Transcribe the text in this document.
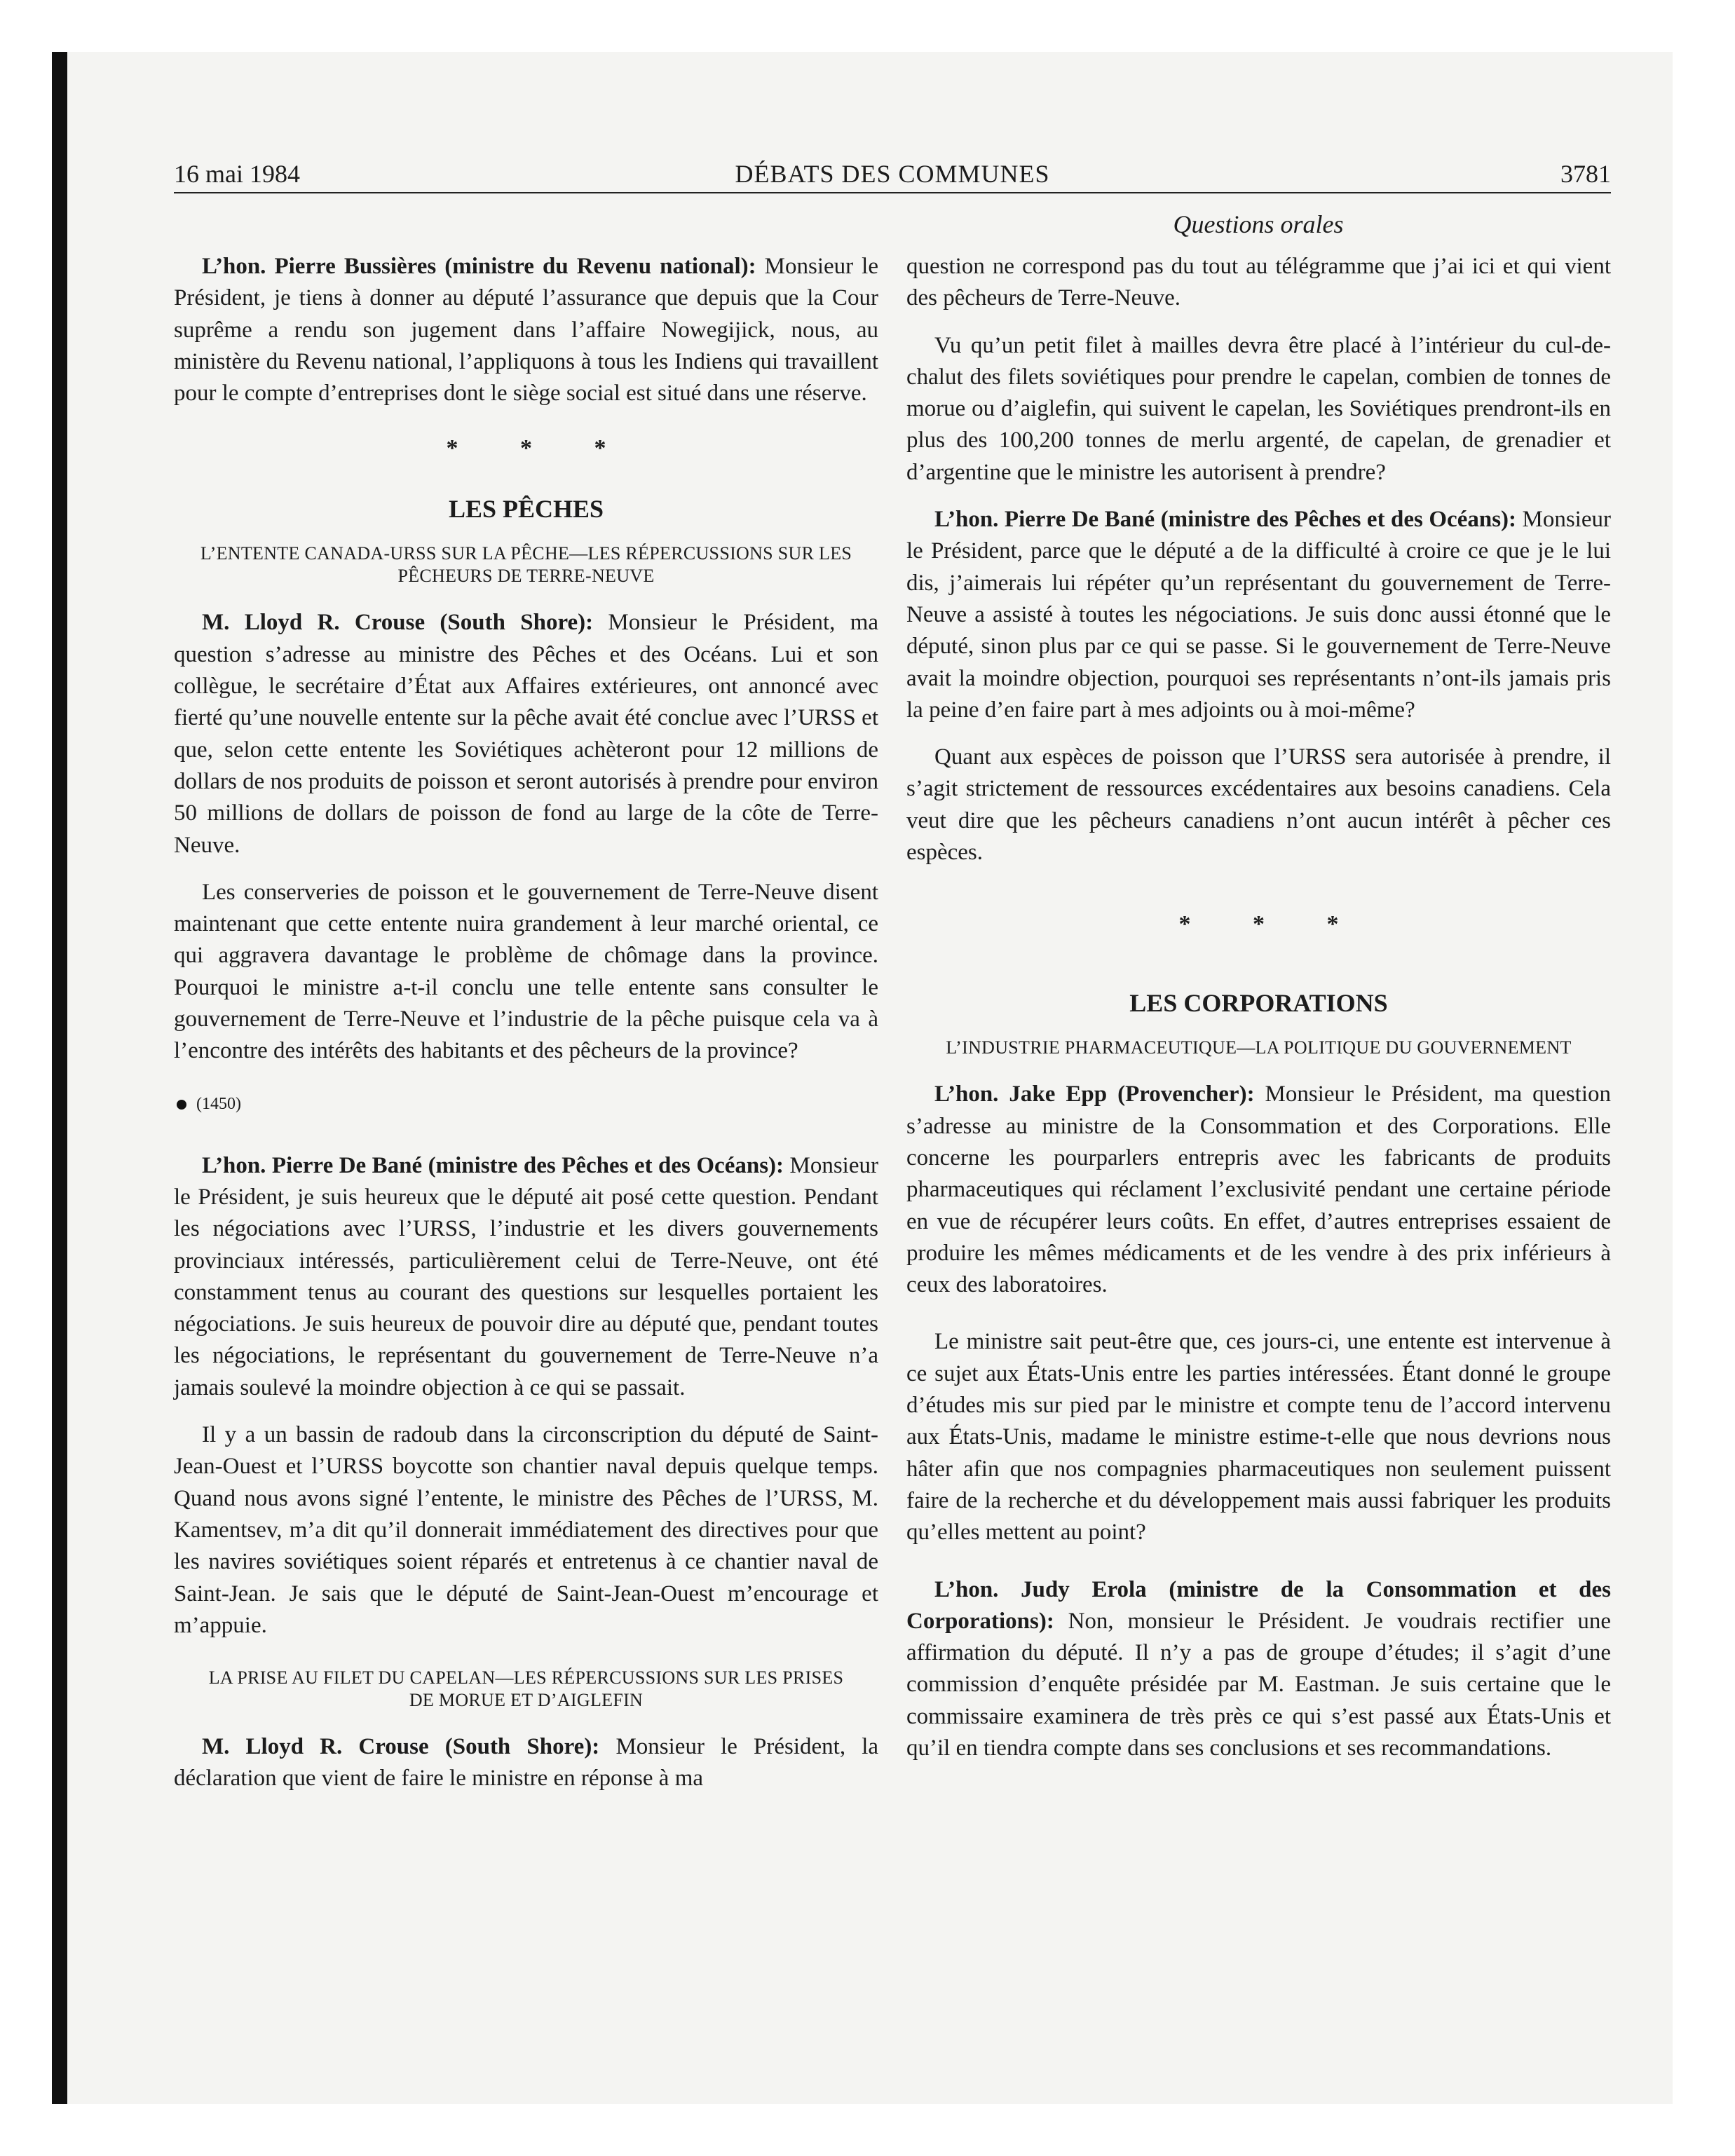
16 mai 1984	DÉBATS DES COMMUNES	3781
Questions orales

L’hon. Pierre Bussières (ministre du Revenu national): Monsieur le Président, je tiens à donner au député l’assurance que depuis que la Cour suprême a rendu son jugement dans l’affaire Nowegijick, nous, au ministère du Revenu national, l’appliquons à tous les Indiens qui travaillent pour le compte d’entreprises dont le siège social est situé dans une réserve.

* * *
LES PÊCHES
L’ENTENTE CANADA-URSS SUR LA PÊCHE—LES RÉPERCUSSIONS SUR LES PÊCHEURS DE TERRE-NEUVE

M. Lloyd R. Crouse (South Shore): Monsieur le Président, ma question s’adresse au ministre des Pêches et des Océans. Lui et son collègue, le secrétaire d’État aux Affaires extérieures, ont annoncé avec fierté qu’une nouvelle entente sur la pêche avait été conclue avec l’URSS et que, selon cette entente les Soviétiques achèteront pour 12 millions de dollars de nos produits de poisson et seront autorisés à prendre pour environ 50 millions de dollars de poisson de fond au large de la côte de Terre-Neuve.

Les conserveries de poisson et le gouvernement de Terre-Neuve disent maintenant que cette entente nuira grandement à leur marché oriental, ce qui aggravera davantage le problème de chômage dans la province. Pourquoi le ministre a-t-il conclu une telle entente sans consulter le gouvernement de Terre-Neuve et l’industrie de la pêche puisque cela va à l’encontre des intérêts des habitants et des pêcheurs de la province?

(1450)

L’hon. Pierre De Bané (ministre des Pêches et des Océans): Monsieur le Président, je suis heureux que le député ait posé cette question. Pendant les négociations avec l’URSS, l’industrie et les divers gouvernements provinciaux intéressés, particulièrement celui de Terre-Neuve, ont été constamment tenus au courant des questions sur lesquelles portaient les négociations. Je suis heureux de pouvoir dire au député que, pendant toutes les négociations, le représentant du gouvernement de Terre-Neuve n’a jamais soulevé la moindre objection à ce qui se passait.

Il y a un bassin de radoub dans la circonscription du député de Saint-Jean-Ouest et l’URSS boycotte son chantier naval depuis quelque temps. Quand nous avons signé l’entente, le ministre des Pêches de l’URSS, M. Kamentsev, m’a dit qu’il donnerait immédiatement des directives pour que les navires soviétiques soient réparés et entretenus à ce chantier naval de Saint-Jean. Je sais que le député de Saint-Jean-Ouest m’encourage et m’appuie.

LA PRISE AU FILET DU CAPELAN—LES RÉPERCUSSIONS SUR LES PRISES DE MORUE ET D’AIGLEFIN

M. Lloyd R. Crouse (South Shore): Monsieur le Président, la déclaration que vient de faire le ministre en réponse à ma

question ne correspond pas du tout au télégramme que j’ai ici et qui vient des pêcheurs de Terre-Neuve.

Vu qu’un petit filet à mailles devra être placé à l’intérieur du cul-de-chalut des filets soviétiques pour prendre le capelan, combien de tonnes de morue ou d’aiglefin, qui suivent le capelan, les Soviétiques prendront-ils en plus des 100,200 tonnes de merlu argenté, de capelan, de grenadier et d’argentine que le ministre les autorisent à prendre?

L’hon. Pierre De Bané (ministre des Pêches et des Océans): Monsieur le Président, parce que le député a de la difficulté à croire ce que je le lui dis, j’aimerais lui répéter qu’un représentant du gouvernement de Terre-Neuve a assisté à toutes les négociations. Je suis donc aussi étonné que le député, sinon plus par ce qui se passe. Si le gouvernement de Terre-Neuve avait la moindre objection, pourquoi ses représentants n’ont-ils jamais pris la peine d’en faire part à mes adjoints ou à moi-même?

Quant aux espèces de poisson que l’URSS sera autorisée à prendre, il s’agit strictement de ressources excédentaires aux besoins canadiens. Cela veut dire que les pêcheurs canadiens n’ont aucun intérêt à pêcher ces espèces.

* * *
LES CORPORATIONS
L’INDUSTRIE PHARMACEUTIQUE—LA POLITIQUE DU GOUVERNEMENT

L’hon. Jake Epp (Provencher): Monsieur le Président, ma question s’adresse au ministre de la Consommation et des Corporations. Elle concerne les pourparlers entrepris avec les fabricants de produits pharmaceutiques qui réclament l’exclusivité pendant une certaine période en vue de récupérer leurs coûts. En effet, d’autres entreprises essaient de produire les mêmes médicaments et de les vendre à des prix inférieurs à ceux des laboratoires.

Le ministre sait peut-être que, ces jours-ci, une entente est intervenue à ce sujet aux États-Unis entre les parties intéressées. Étant donné le groupe d’études mis sur pied par le ministre et compte tenu de l’accord intervenu aux États-Unis, madame le ministre estime-t-elle que nous devrions nous hâter afin que nos compagnies pharmaceutiques non seulement puissent faire de la recherche et du développement mais aussi fabriquer les produits qu’elles mettent au point?

L’hon. Judy Erola (ministre de la Consommation et des Corporations): Non, monsieur le Président. Je voudrais rectifier une affirmation du député. Il n’y a pas de groupe d’études; il s’agit d’une commission d’enquête présidée par M. Eastman. Je suis certaine que le commissaire examinera de très près ce qui s’est passé aux États-Unis et qu’il en tiendra compte dans ses conclusions et ses recommandations.
